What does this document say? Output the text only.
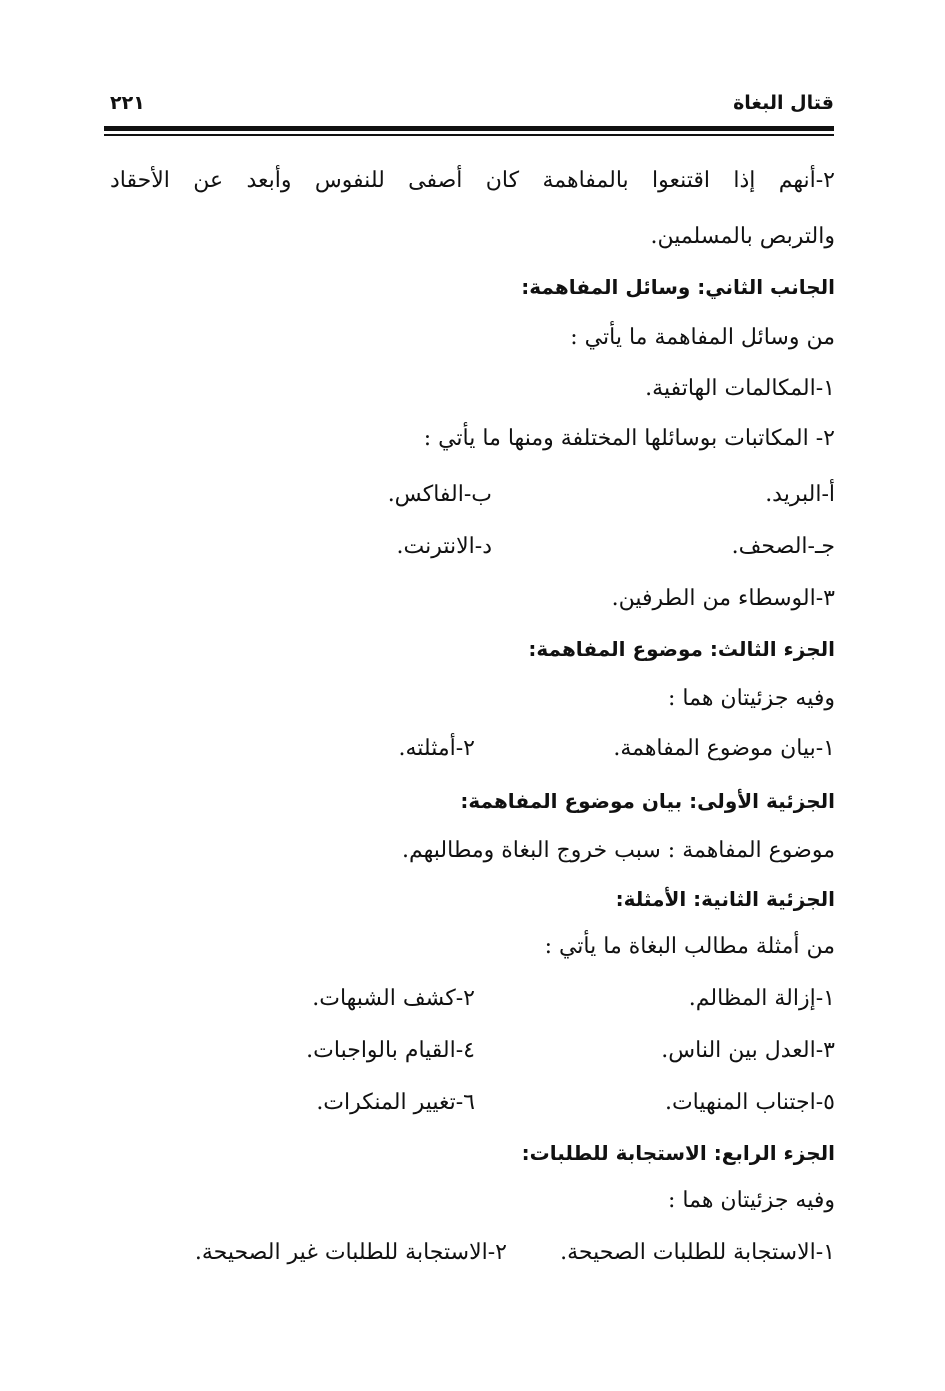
قتال البغاة
٢٢١
٢-أنهم إذا اقتنعوا بالمفاهمة كان أصفى للنفوس وأبعد عن الأحقاد
والتربص بالمسلمين.
الجانب الثاني: وسائل المفاهمة:
من وسائل المفاهمة ما يأتي :
١-المكالمات الهاتفية.
٢- المكاتبات بوسائلها المختلفة ومنها ما يأتي :
أ-البريد.
ب-الفاكس.
جـ-الصحف.
د-الانترنت.
٣-الوسطاء من الطرفين.
الجزء الثالث: موضوع المفاهمة:
وفيه جزئيتان هما :
١-بيان موضوع المفاهمة.
٢-أمثلته.
الجزئية الأولى: بيان موضوع المفاهمة:
موضوع المفاهمة : سبب خروج البغاة ومطالبهم.
الجزئية الثانية: الأمثلة:
من أمثلة مطالب البغاة ما يأتي :
١-إزالة المظالم.
٢-كشف الشبهات.
٣-العدل بين الناس.
٤-القيام بالواجبات.
٥-اجتناب المنهيات.
٦-تغيير المنكرات.
الجزء الرابع: الاستجابة للطلبات:
وفيه جزئيتان هما :
١-الاستجابة للطلبات الصحيحة.
٢-الاستجابة للطلبات غير الصحيحة.
